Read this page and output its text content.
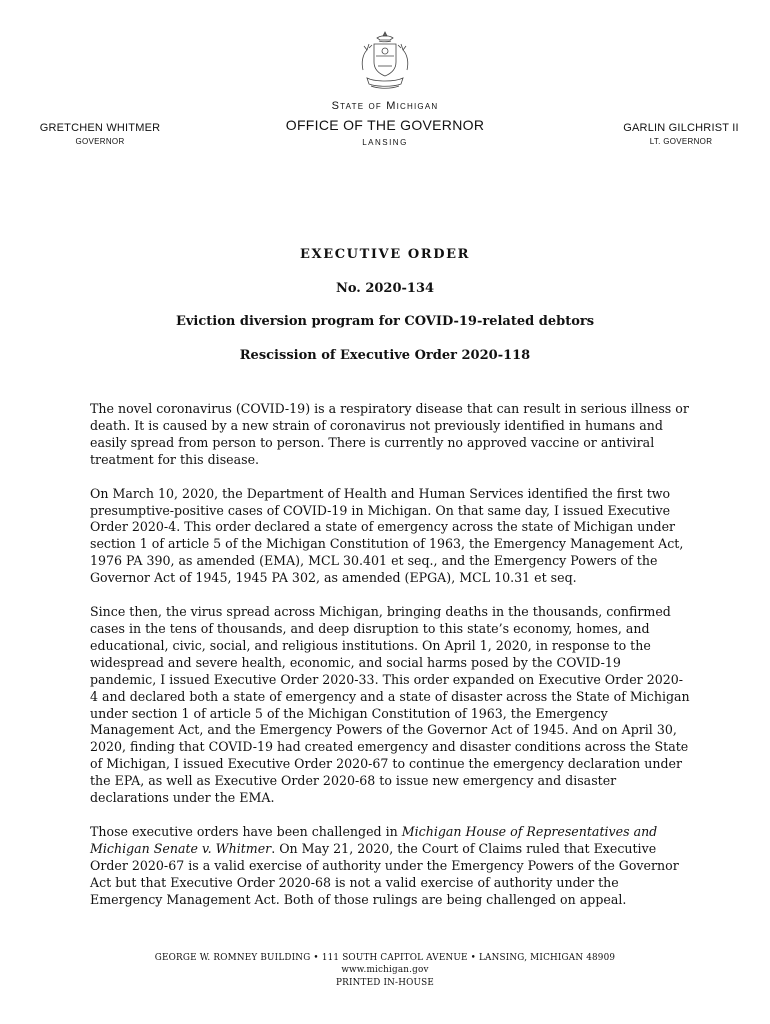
State of Michigan
OFFICE OF THE GOVERNOR
LANSING
GRETCHEN WHITMER
GOVERNOR
GARLIN GILCHRIST II
LT. GOVERNOR
EXECUTIVE ORDER
No. 2020-134
Eviction diversion program for COVID-19-related debtors
Rescission of Executive Order 2020-118

The novel coronavirus (COVID-19) is a respiratory disease that can result in serious illness or death. It is caused by a new strain of coronavirus not previously identified in humans and easily spread from person to person. There is currently no approved vaccine or antiviral treatment for this disease.

On March 10, 2020, the Department of Health and Human Services identified the first two presumptive-positive cases of COVID-19 in Michigan. On that same day, I issued Executive Order 2020-4. This order declared a state of emergency across the state of Michigan under section 1 of article 5 of the Michigan Constitution of 1963, the Emergency Management Act, 1976 PA 390, as amended (EMA), MCL 30.401 et seq., and the Emergency Powers of the Governor Act of 1945, 1945 PA 302, as amended (EPGA), MCL 10.31 et seq.

Since then, the virus spread across Michigan, bringing deaths in the thousands, confirmed cases in the tens of thousands, and deep disruption to this state’s economy, homes, and educational, civic, social, and religious institutions. On April 1, 2020, in response to the widespread and severe health, economic, and social harms posed by the COVID-19 pandemic, I issued Executive Order 2020-33. This order expanded on Executive Order 2020-4 and declared both a state of emergency and a state of disaster across the State of Michigan under section 1 of article 5 of the Michigan Constitution of 1963, the Emergency Management Act, and the Emergency Powers of the Governor Act of 1945. And on April 30, 2020, finding that COVID-19 had created emergency and disaster conditions across the State of Michigan, I issued Executive Order 2020-67 to continue the emergency declaration under the EPA, as well as Executive Order 2020-68 to issue new emergency and disaster declarations under the EMA.

Those executive orders have been challenged in Michigan House of Representatives and Michigan Senate v. Whitmer. On May 21, 2020, the Court of Claims ruled that Executive Order 2020-67 is a valid exercise of authority under the Emergency Powers of the Governor Act but that Executive Order 2020-68 is not a valid exercise of authority under the Emergency Management Act. Both of those rulings are being challenged on appeal.

GEORGE W. ROMNEY BUILDING • 111 SOUTH CAPITOL AVENUE • LANSING, MICHIGAN 48909
www.michigan.gov
PRINTED IN-HOUSE
